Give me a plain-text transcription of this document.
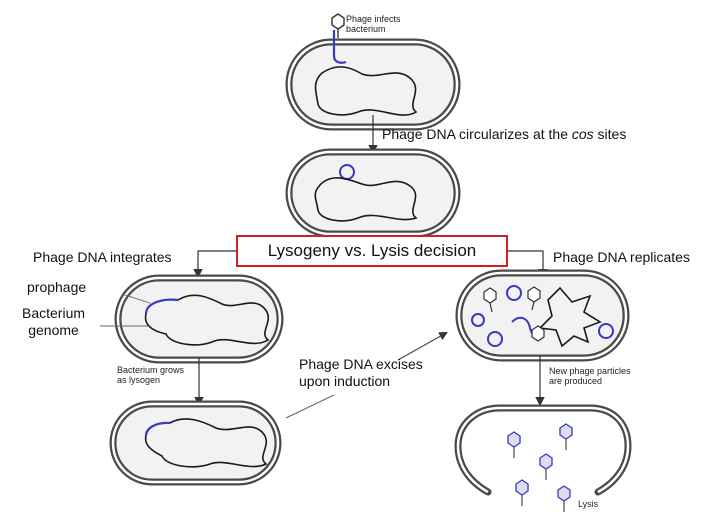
Phage infects
bacterium
Phage DNA circularizes at the cos sites
Lysogeny vs. Lysis decision
Phage DNA integrates	Phage DNA replicates
prophage
Bacterium
genome
Bacterium grows
as lysogen
Phage DNA excises
upon induction
New phage particles
are produced
Lysis
